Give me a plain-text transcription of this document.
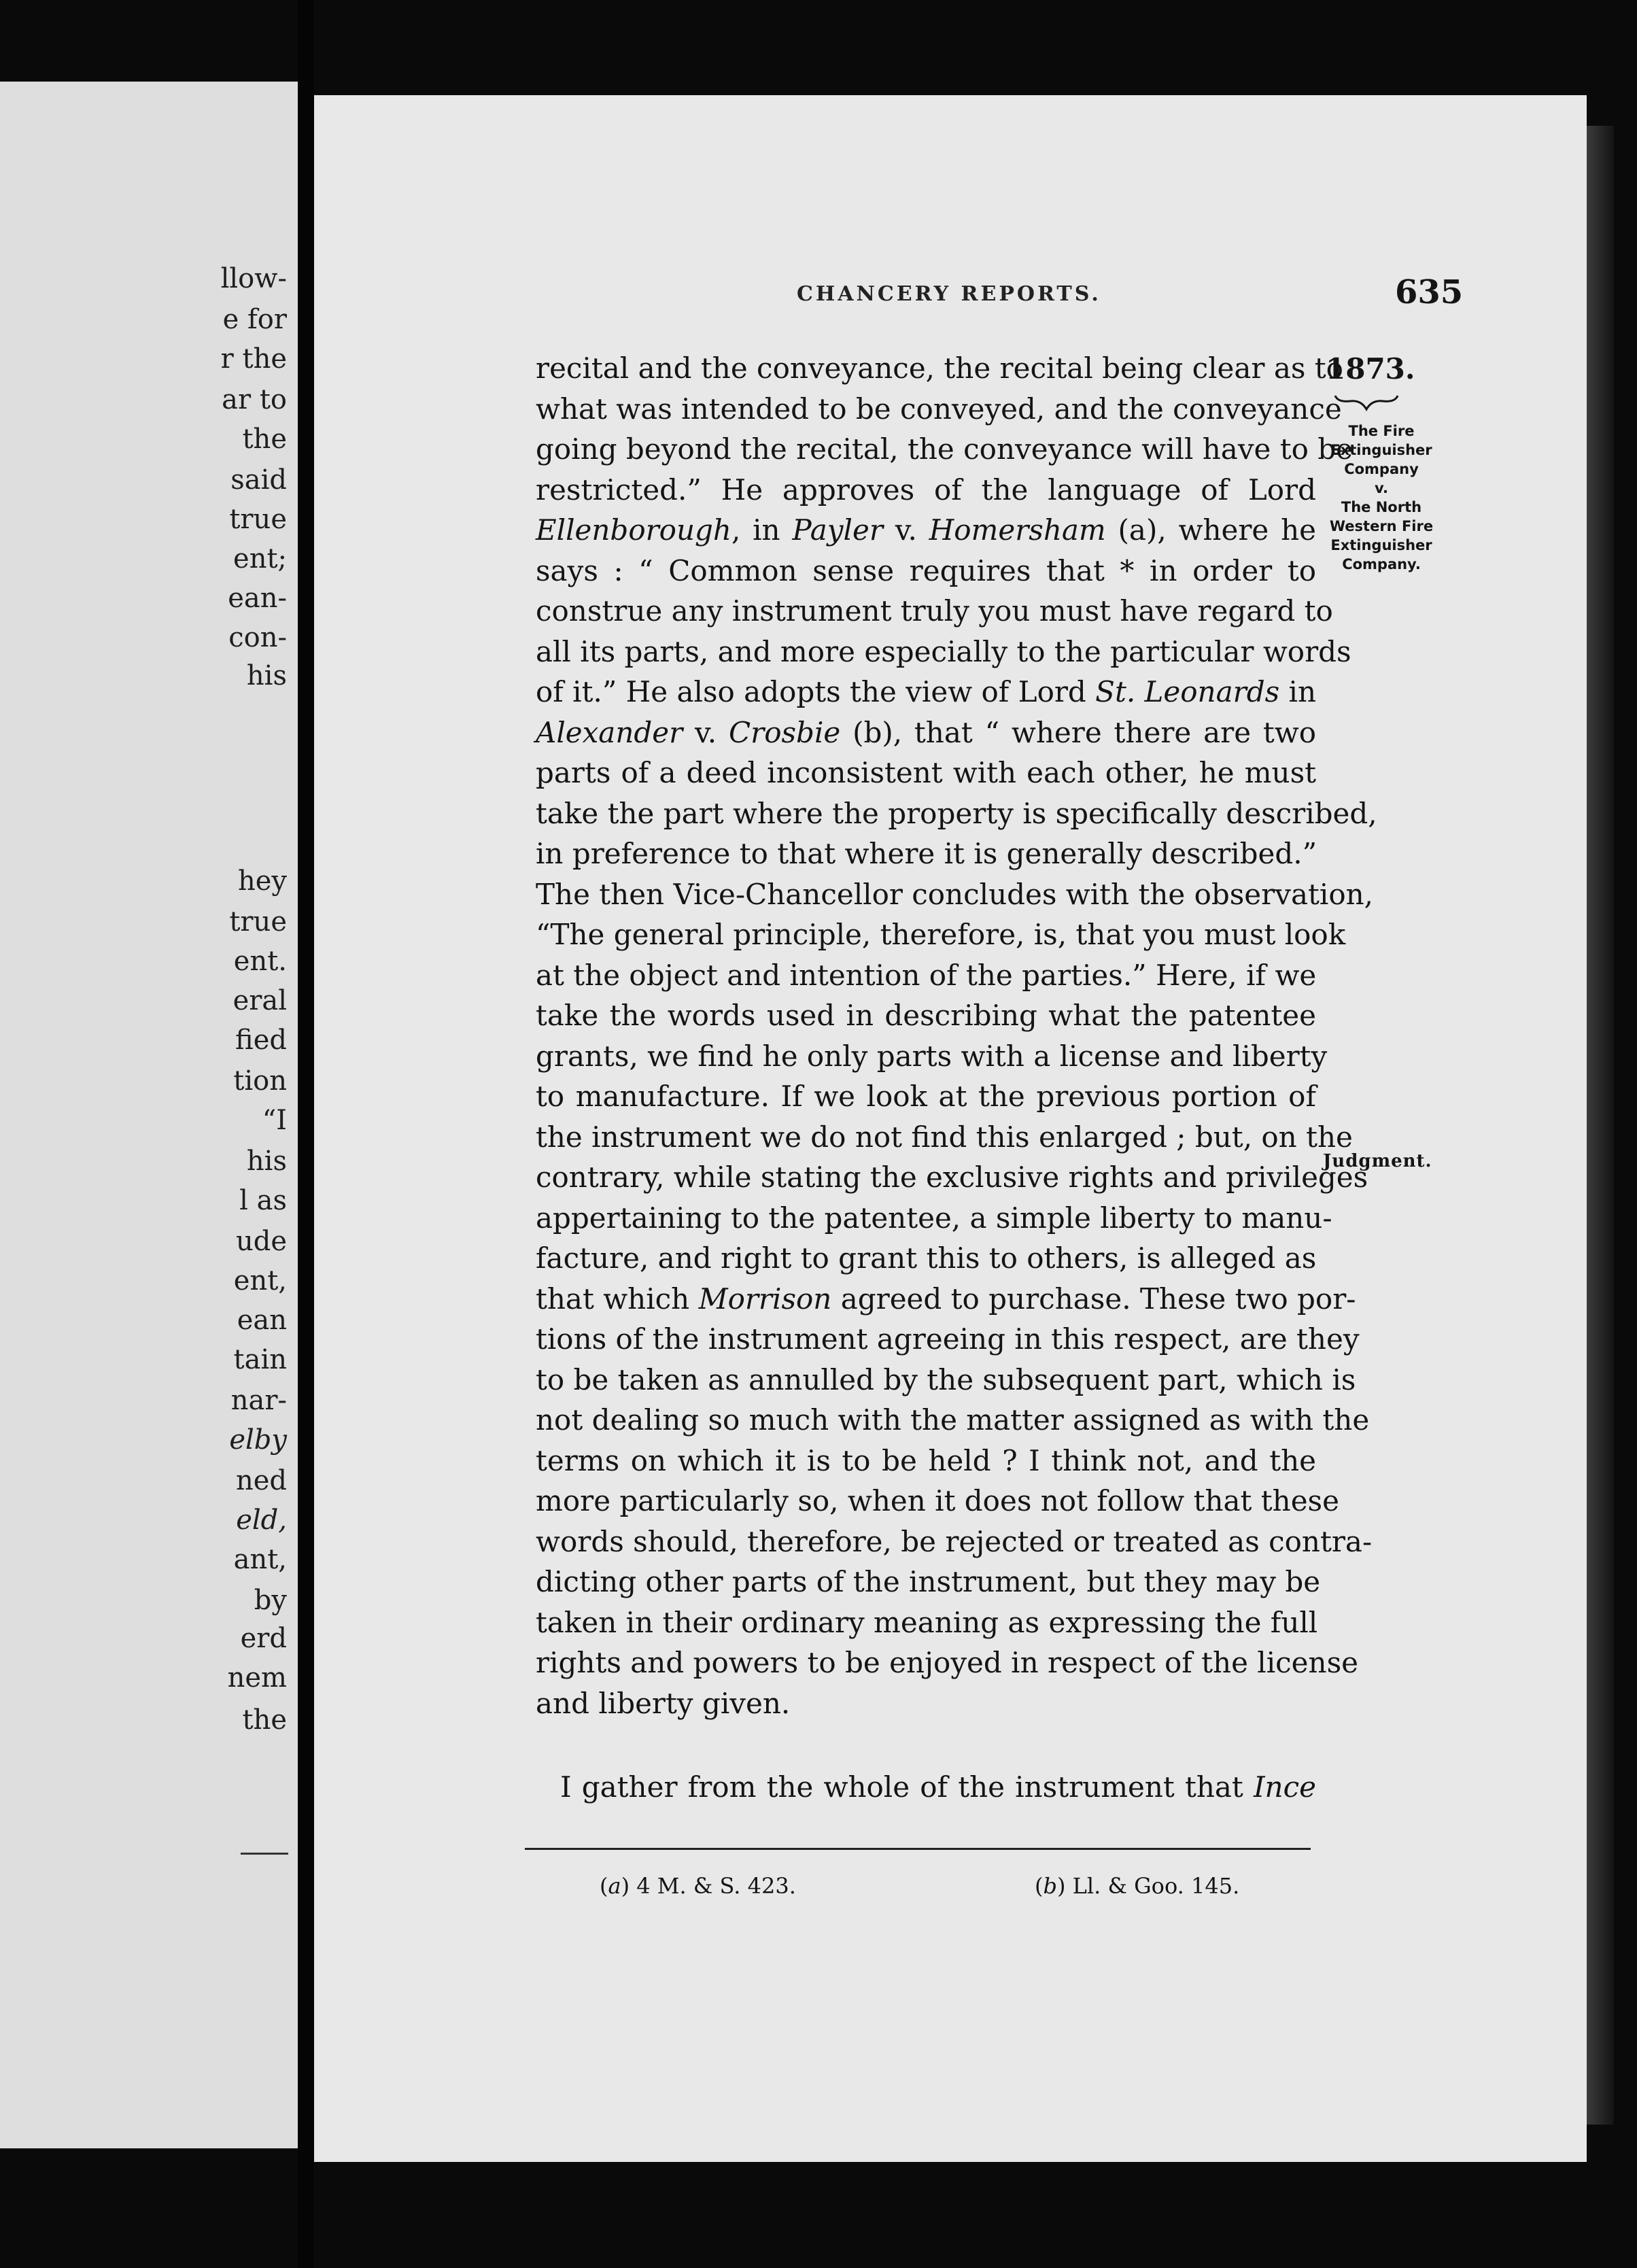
llow-
e for
r the
ar to
the
said
true
ent;
ean-
con-
his
hey
true
ent.
eral
fied
tion
“I
his
l as
ude
ent,
ean
tain
nar-
elby
ned
eld,
ant,
by
erd
nem
the
CHANCERY REPORTS.	635
1873.
The Fire
Extinguisher
Company
v.
The North
Western Fire
Extinguisher
Company.
Judgment.
recital and the conveyance, the recital being clear as to
what was intended to be conveyed, and the conveyance
going beyond the recital, the conveyance will have to be
restricted.” He approves of the language of Lord
Ellenborough, in Payler v. Homersham (a), where he
says : “ Common sense requires that * in order to
construe any instrument truly you must have regard to
all its parts, and more especially to the particular words
of it.” He also adopts the view of Lord St. Leonards in
Alexander v. Crosbie (b), that “ where there are two
parts of a deed inconsistent with each other, he must
take the part where the property is specifically described,
in preference to that where it is generally described.”
The then Vice-Chancellor concludes with the observation,
“The general principle, therefore, is, that you must look
at the object and intention of the parties.” Here, if we
take the words used in describing what the patentee
grants, we find he only parts with a license and liberty
to manufacture. If we look at the previous portion of
the instrument we do not find this enlarged ; but, on the
contrary, while stating the exclusive rights and privileges
appertaining to the patentee, a simple liberty to manu-
facture, and right to grant this to others, is alleged as
that which Morrison agreed to purchase. These two por-
tions of the instrument agreeing in this respect, are they
to be taken as annulled by the subsequent part, which is
not dealing so much with the matter assigned as with the
terms on which it is to be held ? I think not, and the
more particularly so, when it does not follow that these
words should, therefore, be rejected or treated as contra-
dicting other parts of the instrument, but they may be
taken in their ordinary meaning as expressing the full
rights and powers to be enjoyed in respect of the license
and liberty given.
I gather from the whole of the instrument that Ince
(a) 4 M. & S. 423.	(b) Ll. & Goo. 145.
